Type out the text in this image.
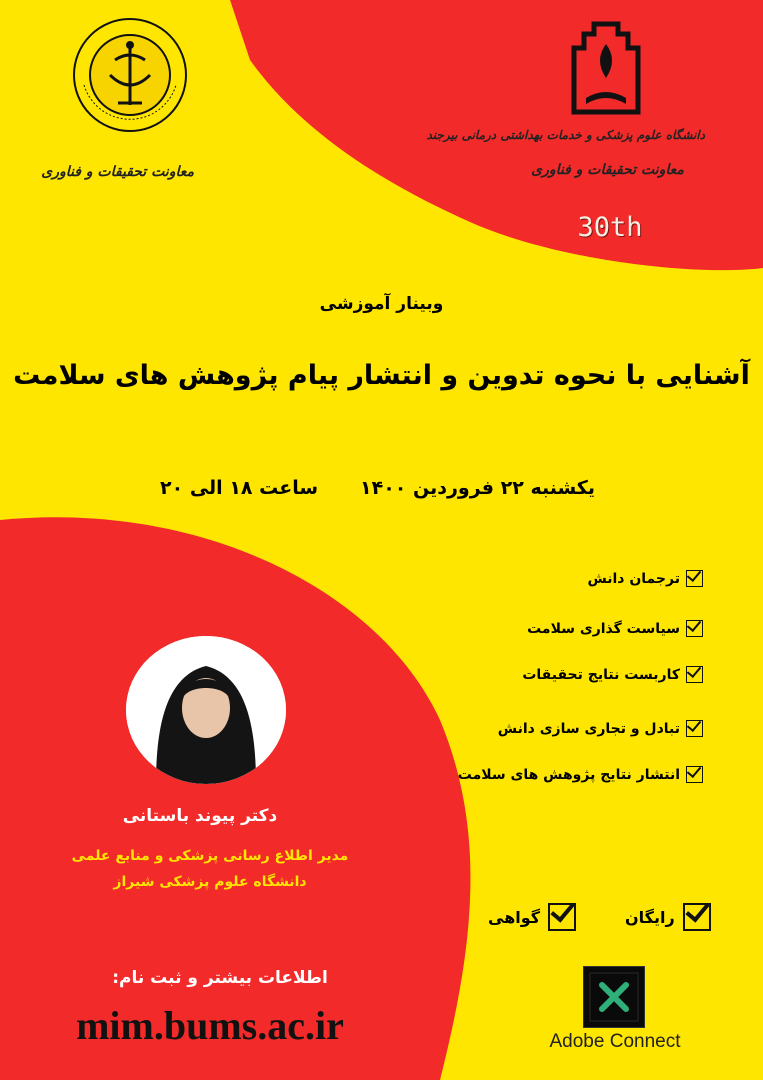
معاونت تحقیقات و فناوری
دانشگاه علوم پزشکی و خدمات بهداشتی درمانی بیرجند
معاونت تحقیقات و فناوری
30th
وبینار آموزشی
آشنایی با نحوه تدوین و انتشار پیام پژوهش های سلامت
یکشنبه ۲۲ فروردین ۱۴۰۰
ساعت ۱۸ الی ۲۰
ترجمان دانش
سیاست گذاری سلامت
کاربست نتایج تحقیقات
تبادل و تجاری سازی دانش
انتشار نتایج پژوهش های سلامت
دکتر پیوند باستانی
مدیر اطلاع رسانی پزشکی و منابع علمی
دانشگاه علوم پزشکی شیراز
رایگان
گواهی
اطلاعات بیشتر و ثبت نام:
mim.bums.ac.ir	Adobe Connect
